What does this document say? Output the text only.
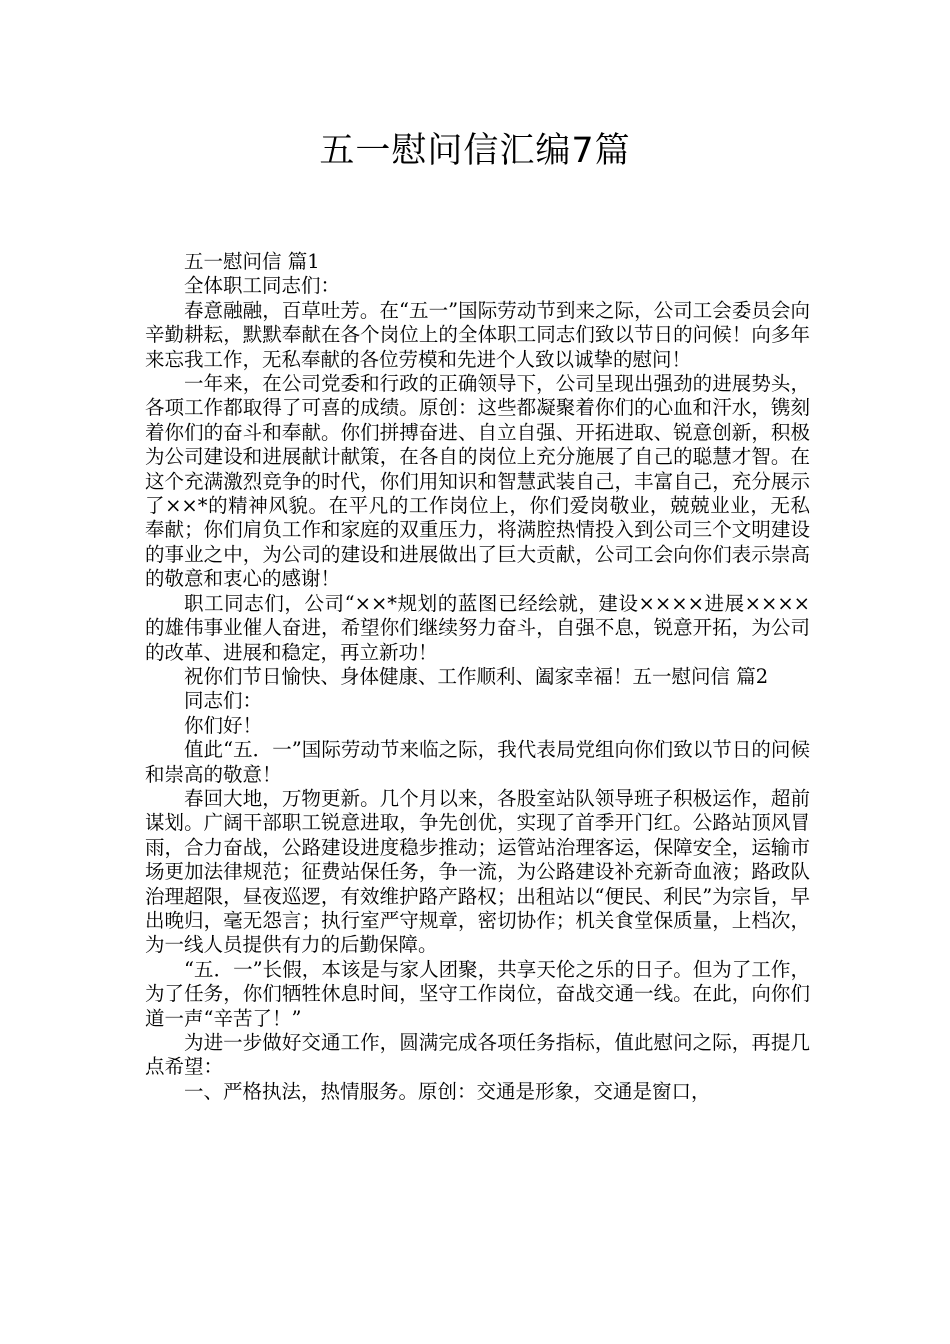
五一慰问信汇编7篇

五一慰问信 篇1

全体职工同志们：

春意融融，百草吐芳。在“五一”国际劳动节到来之际，公司工会委员会向辛勤耕耘，默默奉献在各个岗位上的全体职工同志们致以节日的问候！向多年来忘我工作，无私奉献的各位劳模和先进个人致以诚挚的慰问！

一年来，在公司党委和行政的正确领导下，公司呈现出强劲的进展势头，各项工作都取得了可喜的成绩。原创：这些都凝聚着你们的心血和汗水，镌刻着你们的奋斗和奉献。你们拼搏奋进、自立自强、开拓进取、锐意创新，积极为公司建设和进展献计献策，在各自的岗位上充分施展了自己的聪慧才智。在这个充满激烈竞争的时代，你们用知识和智慧武装自己，丰富自己，充分展示了××*的精神风貌。在平凡的工作岗位上，你们爱岗敬业，兢兢业业，无私奉献；你们肩负工作和家庭的双重压力，将满腔热情投入到公司三个文明建设的事业之中，为公司的建设和进展做出了巨大贡献，公司工会向你们表示崇高的敬意和衷心的感谢！

职工同志们，公司“××*规划的蓝图已经绘就，建设××××进展××××的雄伟事业催人奋进，希望你们继续努力奋斗，自强不息，锐意开拓，为公司的改革、进展和稳定，再立新功！

祝你们节日愉快、身体健康、工作顺利、阖家幸福！五一慰问信 篇2

同志们：

你们好！

值此“五．一”国际劳动节来临之际，我代表局党组向你们致以节日的问候和崇高的敬意！

春回大地，万物更新。几个月以来，各股室站队领导班子积极运作，超前谋划。广阔干部职工锐意进取，争先创优，实现了首季开门红。公路站顶风冒雨，合力奋战，公路建设进度稳步推动；运管站治理客运，保障安全，运输市场更加法律规范；征费站保任务，争一流，为公路建设补充新奇血液；路政队治理超限，昼夜巡逻，有效维护路产路权；出租站以“便民、利民”为宗旨，早出晚归，毫无怨言；执行室严守规章，密切协作；机关食堂保质量，上档次，为一线人员提供有力的后勤保障。

“五．一”长假，本该是与家人团聚，共享天伦之乐的日子。但为了工作，为了任务，你们牺牲休息时间，坚守工作岗位，奋战交通一线。在此，向你们道一声“辛苦了！”

为进一步做好交通工作，圆满完成各项任务指标，值此慰问之际，再提几点希望：

一、严格执法，热情服务。原创：交通是形象，交通是窗口，
